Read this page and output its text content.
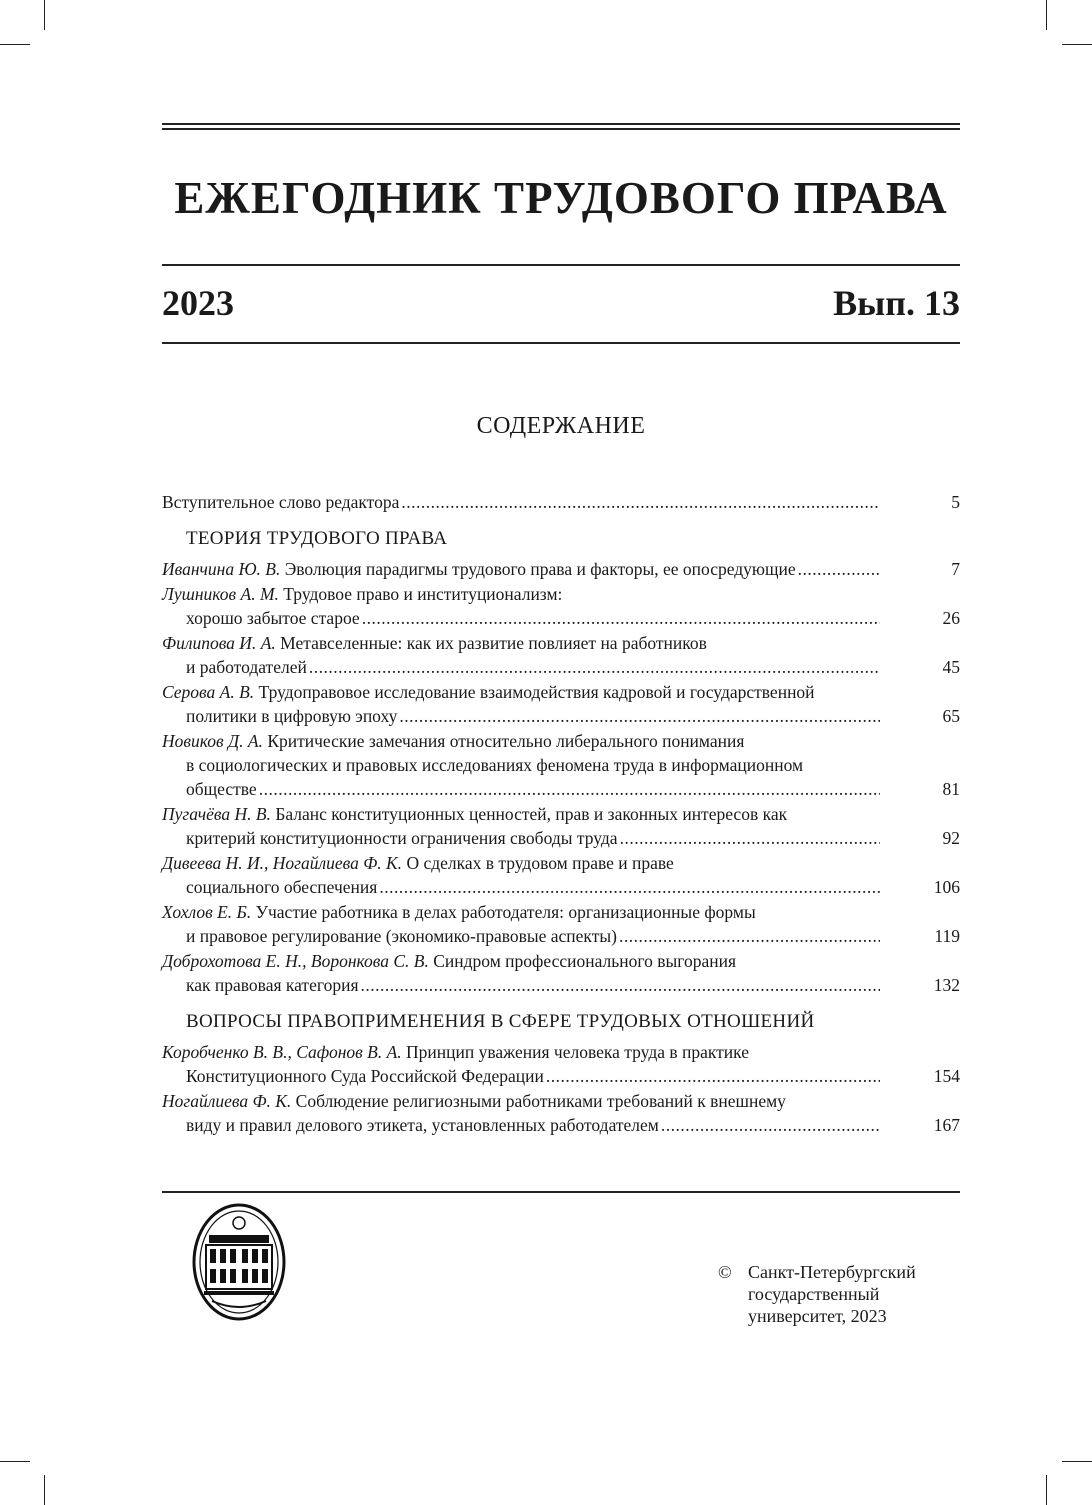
ЕЖЕГОДНИК ТРУДОВОГО ПРАВА
2023	Вып. 13
СОДЕРЖАНИЕ
Вступительное слово редактора .....	5
ТЕОРИЯ ТРУДОВОГО ПРАВА
Иванчина Ю. В. Эволюция парадигмы трудового права и факторы, ее опосредующие .....	7
Лушников А. М. Трудовое право и институционализм:
хорошо забытое старое .....	26
Филипова И. А. Метавселенные: как их развитие повлияет на работников
и работодателей .....	45
Серова А. В. Трудоправовое исследование взаимодействия кадровой и государственной
политики в цифровую эпоху .....	65
Новиков Д. А. Критические замечания относительно либерального понимания
в социологических и правовых исследованиях феномена труда в информационном
обществе .....	81
Пугачёва Н. В. Баланс конституционных ценностей, прав и законных интересов как
критерий конституционности ограничения свободы труда .....	92
Дивеева Н. И., Ногайлиева Ф. К. О сделках в трудовом праве и праве
социального обеспечения .....	106
Хохлов Е. Б. Участие работника в делах работодателя: организационные формы
и правовое регулирование (экономико-правовые аспекты) .....	119
Доброхотова Е. Н., Воронкова С. В. Синдром профессионального выгорания
как правовая категория .....	132
ВОПРОСЫ ПРАВОПРИМЕНЕНИЯ В СФЕРЕ ТРУДОВЫХ ОТНОШЕНИЙ
Коробченко В. В., Сафонов В. А. Принцип уважения человека труда в практике
Конституционного Суда Российской Федерации .....	154
Ногайлиева Ф. К. Соблюдение религиозными работниками требований к внешнему
виду и правил делового этикета, установленных работодателем .....	167
© Санкт-Петербургский
государственный
университет, 2023
